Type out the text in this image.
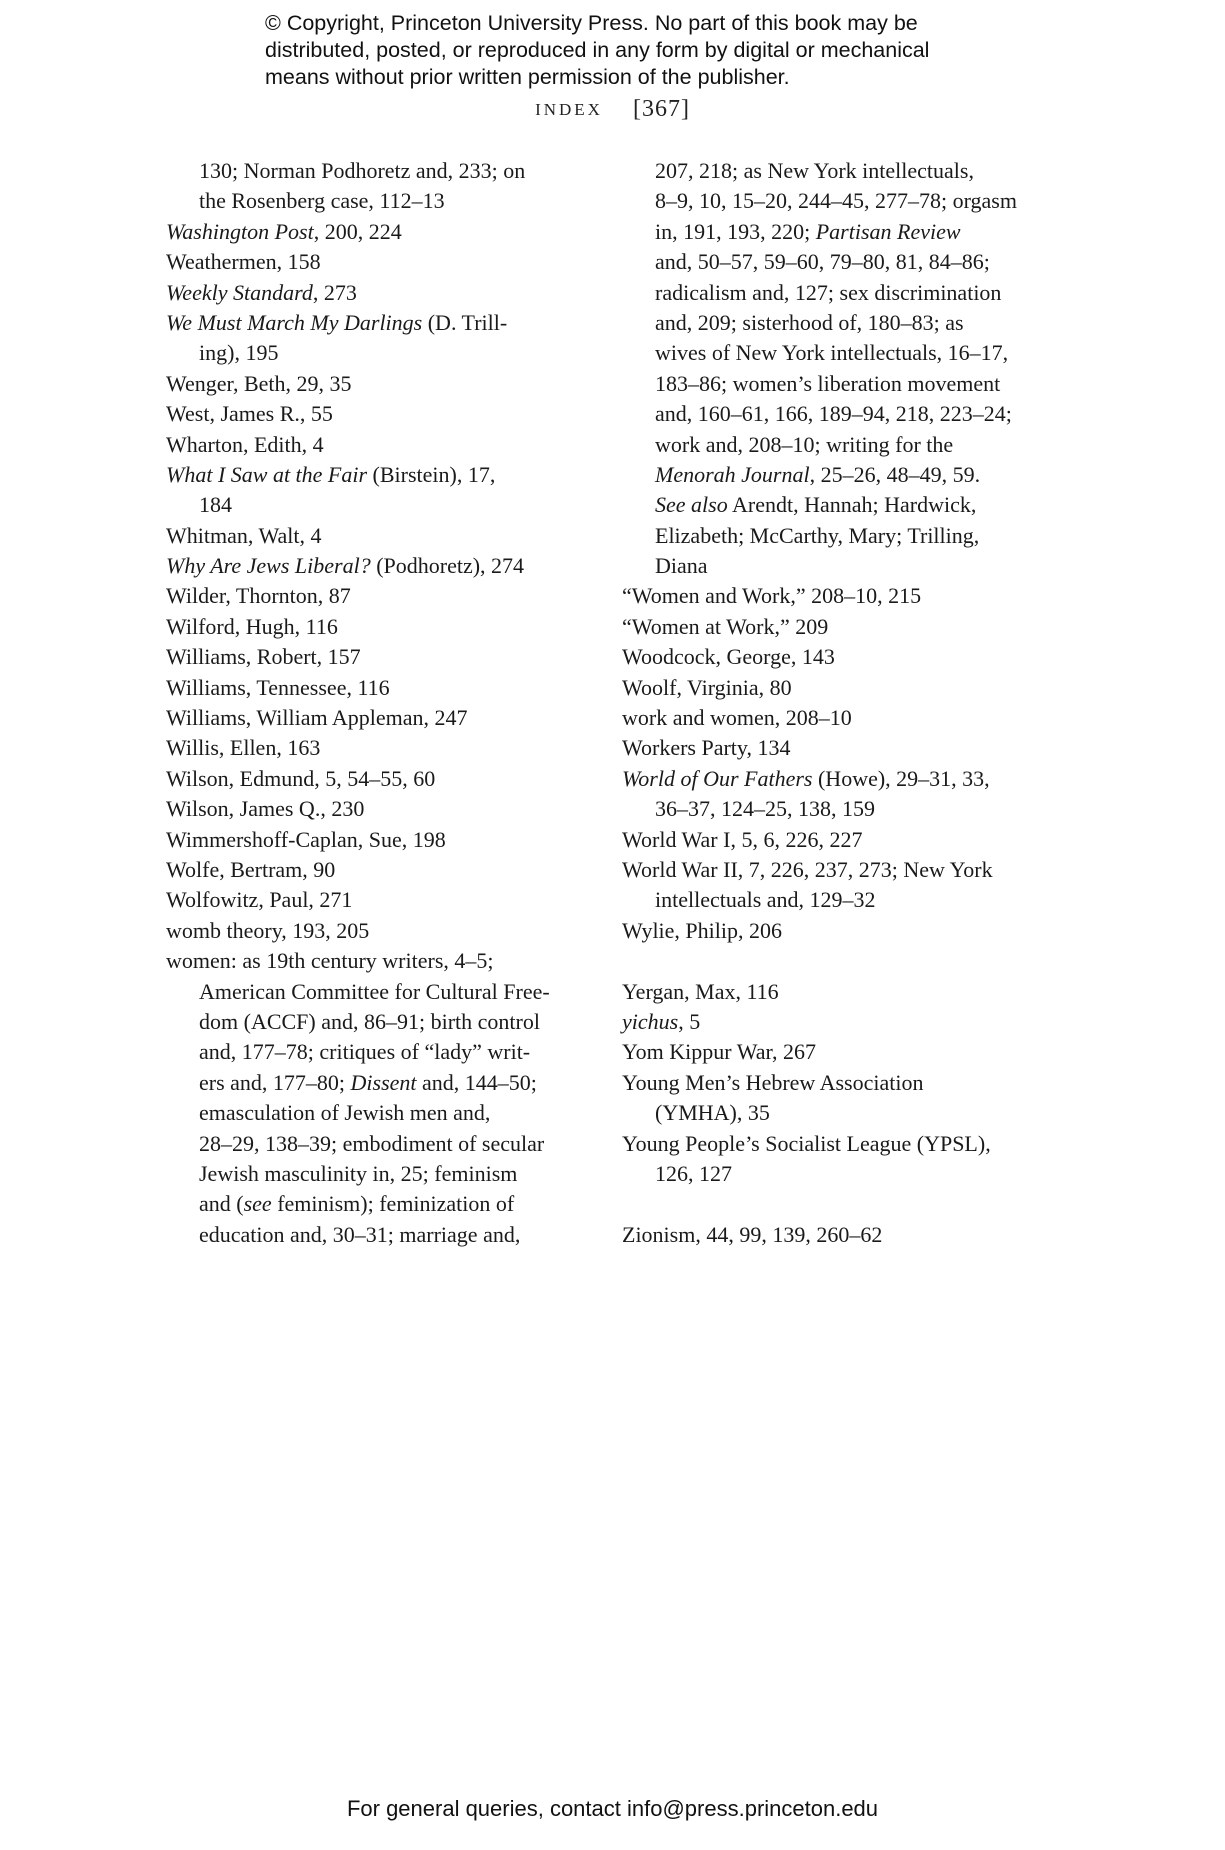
© Copyright, Princeton University Press. No part of this book may be
distributed, posted, or reproduced in any form by digital or mechanical
means without prior written permission of the publisher.
INDEX [367]
130; Norman Podhoretz and, 233; on
the Rosenberg case, 112–13
Washington Post, 200, 224
Weathermen, 158
Weekly Standard, 273
We Must March My Darlings (D. Trill-
ing), 195
Wenger, Beth, 29, 35
West, James R., 55
Wharton, Edith, 4
What I Saw at the Fair (Birstein), 17,
184
Whitman, Walt, 4
Why Are Jews Liberal? (Podhoretz), 274
Wilder, Thornton, 87
Wilford, Hugh, 116
Williams, Robert, 157
Williams, Tennessee, 116
Williams, William Appleman, 247
Willis, Ellen, 163
Wilson, Edmund, 5, 54–55, 60
Wilson, James Q., 230
Wimmershoff-Caplan, Sue, 198
Wolfe, Bertram, 90
Wolfowitz, Paul, 271
womb theory, 193, 205
women: as 19th century writers, 4–5;
American Committee for Cultural Free-
dom (ACCF) and, 86–91; birth control
and, 177–78; critiques of “lady” writ-
ers and, 177–80; Dissent and, 144–50;
emasculation of Jewish men and,
28–29, 138–39; embodiment of secular
Jewish masculinity in, 25; feminism
and (see feminism); feminization of
education and, 30–31; marriage and,
207, 218; as New York intellectuals,
8–9, 10, 15–20, 244–45, 277–78; orgasm
in, 191, 193, 220; Partisan Review
and, 50–57, 59–60, 79–80, 81, 84–86;
radicalism and, 127; sex discrimination
and, 209; sisterhood of, 180–83; as
wives of New York intellectuals, 16–17,
183–86; women’s liberation movement
and, 160–61, 166, 189–94, 218, 223–24;
work and, 208–10; writing for the
Menorah Journal, 25–26, 48–49, 59.
See also Arendt, Hannah; Hardwick,
Elizabeth; McCarthy, Mary; Trilling,
Diana
“Women and Work,” 208–10, 215
“Women at Work,” 209
Woodcock, George, 143
Woolf, Virginia, 80
work and women, 208–10
Workers Party, 134
World of Our Fathers (Howe), 29–31, 33,
36–37, 124–25, 138, 159
World War I, 5, 6, 226, 227
World War II, 7, 226, 237, 273; New York
intellectuals and, 129–32
Wylie, Philip, 206
Yergan, Max, 116
yichus, 5
Yom Kippur War, 267
Young Men’s Hebrew Association
(YMHA), 35
Young People’s Socialist League (YPSL),
126, 127
Zionism, 44, 99, 139, 260–62
For general queries, contact info@press.princeton.edu
